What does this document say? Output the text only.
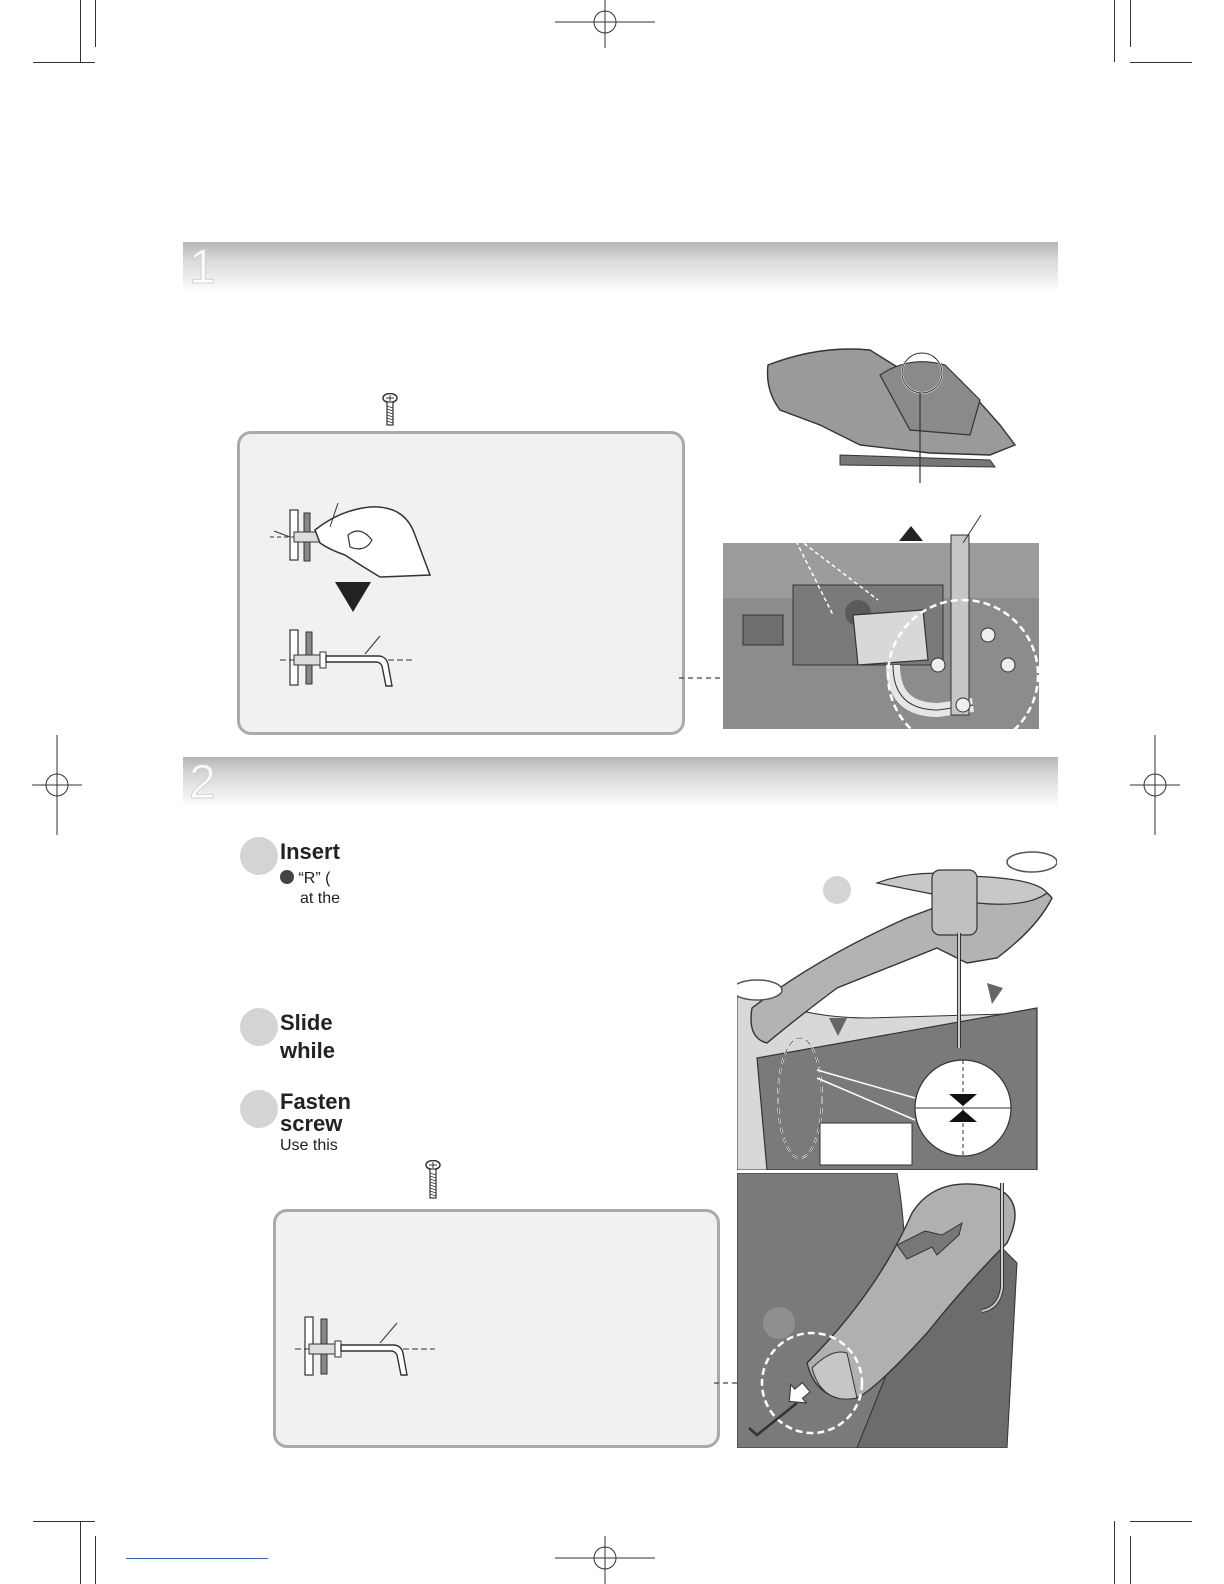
1
2
Insert
“R” (
at the
Slide
while
Fasten
screw
Use this
